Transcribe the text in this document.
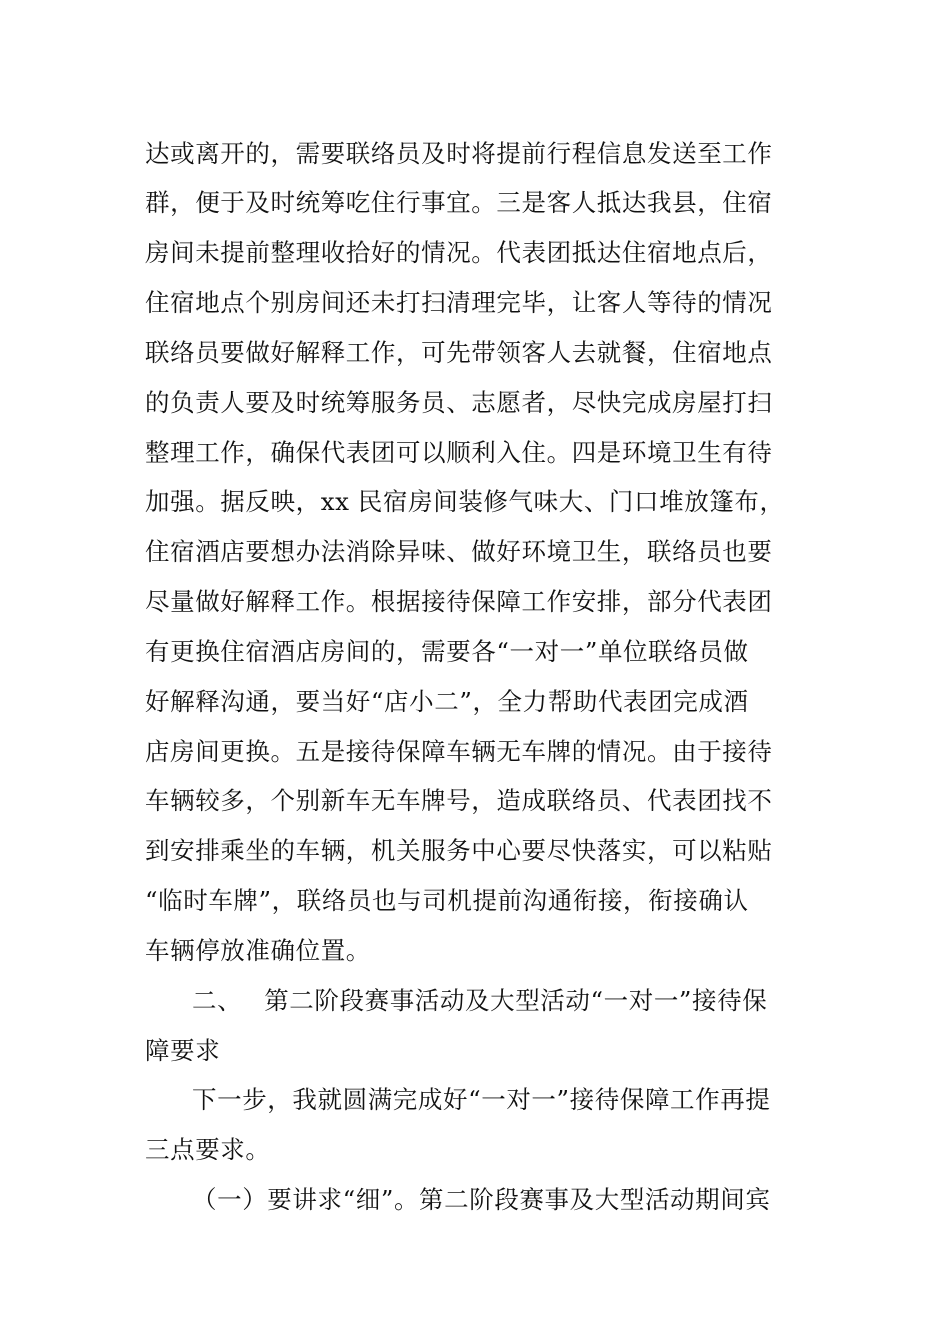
达或离开的，需要联络员及时将提前行程信息发送至工作
群，便于及时统筹吃住行事宜。三是客人抵达我县，住宿
房间未提前整理收拾好的情况。代表团抵达住宿地点后，
住宿地点个别房间还未打扫清理完毕，让客人等待的情况
联络员要做好解释工作，可先带领客人去就餐，住宿地点
的负责人要及时统筹服务员、志愿者，尽快完成房屋打扫
整理工作，确保代表团可以顺利入住。四是环境卫生有待
加强。据反映，xx 民宿房间装修气味大、门口堆放篷布，
住宿酒店要想办法消除异味、做好环境卫生，联络员也要
尽量做好解释工作。根据接待保障工作安排，部分代表团
有更换住宿酒店房间的，需要各“一对一”单位联络员做
好解释沟通，要当好“店小二”，全力帮助代表团完成酒
店房间更换。五是接待保障车辆无车牌的情况。由于接待
车辆较多，个别新车无车牌号，造成联络员、代表团找不
到安排乘坐的车辆，机关服务中心要尽快落实，可以粘贴
“临时车牌”，联络员也与司机提前沟通衔接，衔接确认
车辆停放准确位置。
二、 第二阶段赛事活动及大型活动“一对一”接待保
障要求
下一步，我就圆满完成好“一对一”接待保障工作再提
三点要求。
（一）要讲求“细”。第二阶段赛事及大型活动期间宾
